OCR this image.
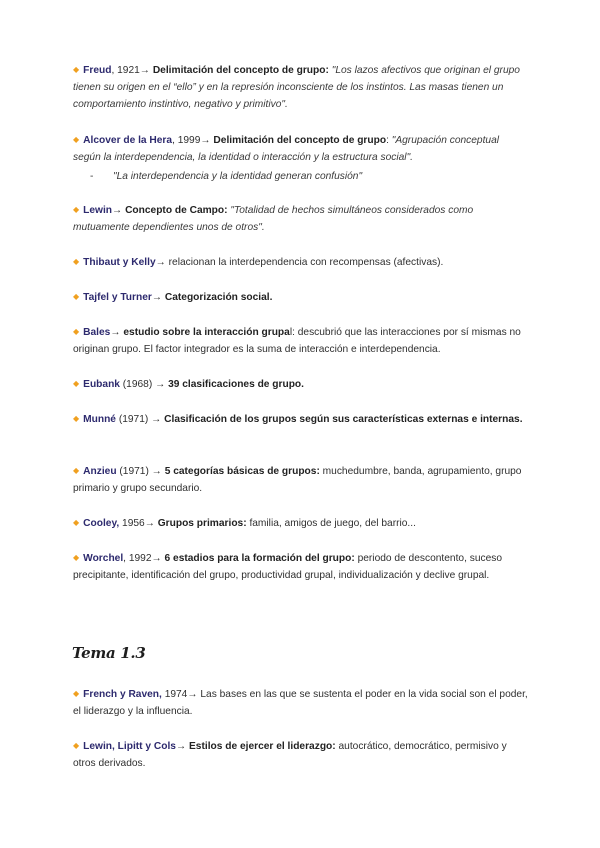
◆ Freud, 1921→ Delimitación del concepto de grupo: "Los lazos afectivos que originan el grupo tienen su origen en el “ello” y en la represión inconsciente de los instintos. Las masas tienen un comportamiento instintivo, negativo y primitivo".

◆ Alcover de la Hera, 1999→ Delimitación del concepto de grupo: "Agrupación conceptual según la interdependencia, la identidad o interacción y la estructura social".

- "La interdependencia y la identidad generan confusión"

◆ Lewin→ Concepto de Campo: "Totalidad de hechos simultáneos considerados como mutuamente dependientes unos de otros".

◆ Thibaut y Kelly→ relacionan la interdependencia con recompensas (afectivas).

◆ Tajfel y Turner→ Categorización social.

◆ Bales→ estudio sobre la interacción grupal: descubrió que las interacciones por sí mismas no originan grupo. El factor integrador es la suma de interacción e interdependencia.

◆ Eubank (1968) → 39 clasificaciones de grupo.

◆ Munné (1971) → Clasificación de los grupos según sus características externas e internas.

◆ Anzieu (1971) → 5 categorías básicas de grupos: muchedumbre, banda, agrupamiento, grupo primario y grupo secundario.

◆ Cooley, 1956→ Grupos primarios: familia, amigos de juego, del barrio...

◆ Worchel, 1992→ 6 estadios para la formación del grupo: periodo de descontento, suceso precipitante, identificación del grupo, productividad grupal, individualización y declive grupal.

Tema 1.3

◆ French y Raven, 1974→ Las bases en las que se sustenta el poder en la vida social son el poder, el liderazgo y la influencia.

◆ Lewin, Lipitt y Cols→ Estilos de ejercer el liderazgo: autocrático, democrático, permisivo y otros derivados.
